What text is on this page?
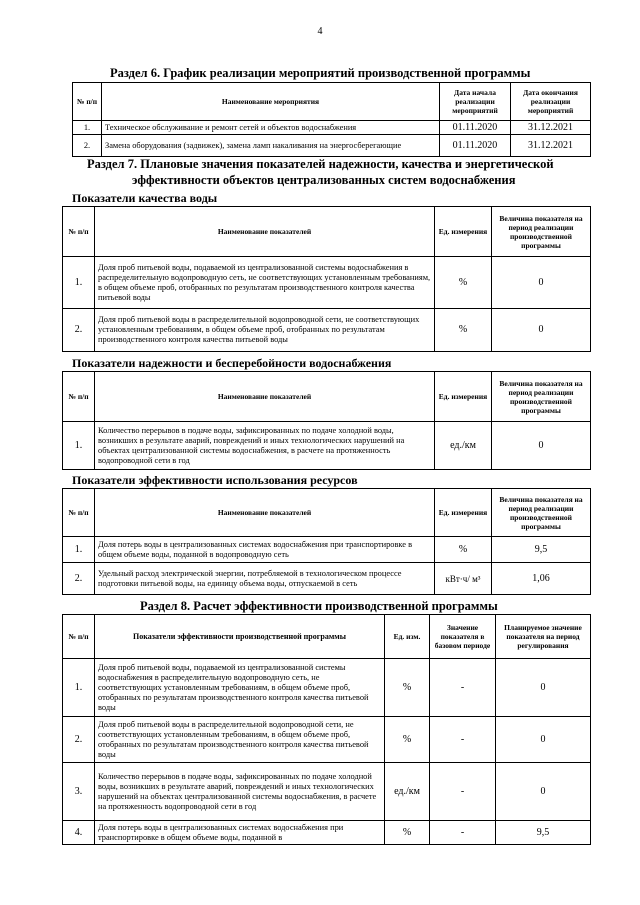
4
Раздел 6. График реализации мероприятий производственной программы
№ п/п	Наименование мероприятия	Дата начала реализации мероприятий	Дата окончания реализации мероприятий
1.	Техническое обслуживание и ремонт сетей и объектов водоснабжения	01.11.2020	31.12.2021
2.	Замена оборудования (задвижек), замена ламп накаливания на энергосберегающие	01.11.2020	31.12.2021
Раздел 7. Плановые значения показателей надежности, качества и энергетической
эффективности объектов централизованных систем водоснабжения
Показатели качества воды
№ п/п	Наименование показателей	Ед. измерения	Величина показателя на период реализации производственной программы
1.	Доля проб питьевой воды, подаваемой из централизованной системы водоснабжения в распределительную водопроводную сеть, не соответствующих установленным требованиям, в общем объеме проб, отобранных по результатам производственного контроля качества питьевой воды	%	0
2.	Доля проб питьевой воды в распределительной водопроводной сети, не соответствующих установленным требованиям, в общем объеме проб, отобранных по результатам производственного контроля качества питьевой воды	%	0
Показатели надежности и бесперебойности водоснабжения
№ п/п	Наименование показателей	Ед. измерения	Величина показателя на период реализации производственной программы
1.	Количество перерывов в подаче воды, зафиксированных по подаче холодной воды, возникших в результате аварий, повреждений и иных технологических нарушений на объектах централизованной системы водоснабжения, в расчете на протяженность водопроводной сети в год	ед./км	0
Показатели эффективности использования ресурсов
№ п/п	Наименование показателей	Ед. измерения	Величина показателя на период реализации производственной программы
1.	Доля потерь воды в централизованных системах водоснабжения при транспортировке в общем объеме воды, поданной в водопроводную сеть	%	9,5
2.	Удельный расход электрической энергии, потребляемой в технологическом процессе подготовки питьевой воды, на единицу объема воды, отпускаемой в сеть	кВт·ч/ м³	1,06
Раздел 8. Расчет эффективности производственной программы
№ п/п	Показатели эффективности производственной программы	Ед. изм.	Значение показателя в базовом периоде	Планируемое значение показателя на период регулирования
1.	Доля проб питьевой воды, подаваемой из централизованной системы водоснабжения в распределительную водопроводную сеть, не соответствующих установленным требованиям, в общем объеме проб, отобранных по результатам производственного контроля качества питьевой воды	%	-	0
2.	Доля проб питьевой воды в распределительной водопроводной сети, не соответствующих установленным требованиям, в общем объеме проб, отобранных по результатам производственного контроля качества питьевой воды	%	-	0
3.	Количество перерывов в подаче воды, зафиксированных по подаче холодной воды, возникших в результате аварий, повреждений и иных технологических нарушений на объектах централизованной системы водоснабжения, в расчете на протяженность водопроводной сети в год	ед./км	-	0
4.	Доля потерь воды в централизованных системах водоснабжения при транспортировке в общем объеме воды, поданной в	%	-	9,5
